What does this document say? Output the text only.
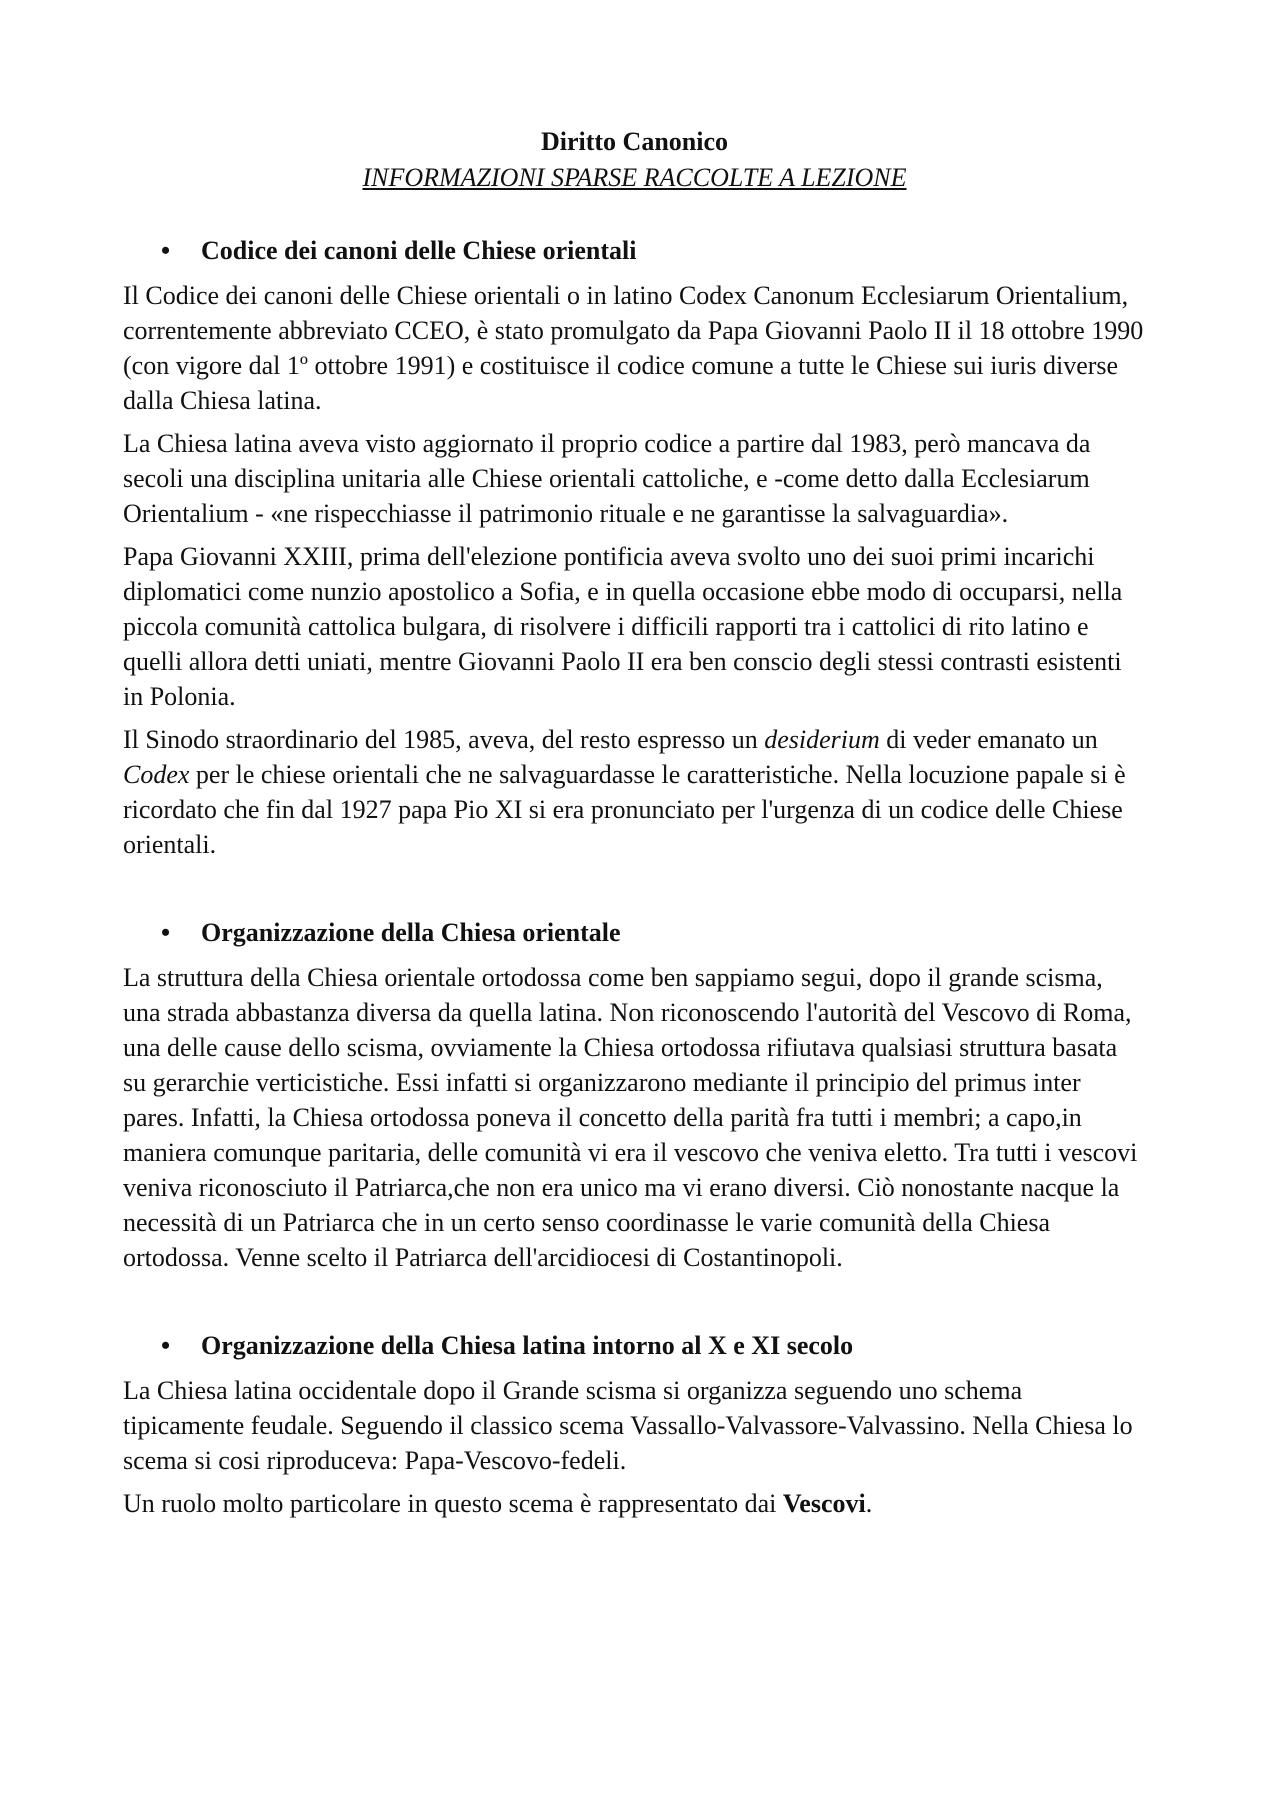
Diritto Canonico
INFORMAZIONI SPARSE RACCOLTE A LEZIONE
• Codice dei canoni delle Chiese orientali

Il Codice dei canoni delle Chiese orientali o in latino Codex Canonum Ecclesiarum Orientalium, correntemente abbreviato CCEO, è stato promulgato da Papa Giovanni Paolo II il 18 ottobre 1990 (con vigore dal 1º ottobre 1991) e costituisce il codice comune a tutte le Chiese sui iuris diverse dalla Chiesa latina.

La Chiesa latina aveva visto aggiornato il proprio codice a partire dal 1983, però mancava da secoli una disciplina unitaria alle Chiese orientali cattoliche, e -come detto dalla Ecclesiarum Orientalium - «ne rispecchiasse il patrimonio rituale e ne garantisse la salvaguardia».

Papa Giovanni XXIII, prima dell'elezione pontificia aveva svolto uno dei suoi primi incarichi diplomatici come nunzio apostolico a Sofia, e in quella occasione ebbe modo di occuparsi, nella piccola comunità cattolica bulgara, di risolvere i difficili rapporti tra i cattolici di rito latino e quelli allora detti uniati, mentre Giovanni Paolo II era ben conscio degli stessi contrasti esistenti in Polonia.

Il Sinodo straordinario del 1985, aveva, del resto espresso un desiderium di veder emanato un Codex per le chiese orientali che ne salvaguardasse le caratteristiche. Nella locuzione papale si è ricordato che fin dal 1927 papa Pio XI si era pronunciato per l'urgenza di un codice delle Chiese orientali.

• Organizzazione della Chiesa orientale

La struttura della Chiesa orientale ortodossa come ben sappiamo segui, dopo il grande scisma, una strada abbastanza diversa da quella latina. Non riconoscendo l'autorità del Vescovo di Roma, una delle cause dello scisma, ovviamente la Chiesa ortodossa rifiutava qualsiasi struttura basata su gerarchie verticistiche. Essi infatti si organizzarono mediante il principio del primus inter pares. Infatti, la Chiesa ortodossa poneva il concetto della parità fra tutti i membri; a capo,in maniera comunque paritaria, delle comunità vi era il vescovo che veniva eletto. Tra tutti i vescovi veniva riconosciuto il Patriarca,che non era unico ma vi erano diversi. Ciò nonostante nacque la necessità di un Patriarca che in un certo senso coordinasse le varie comunità della Chiesa ortodossa. Venne scelto il Patriarca dell'arcidiocesi di Costantinopoli.

• Organizzazione della Chiesa latina intorno al X e XI secolo

La Chiesa latina occidentale dopo il Grande scisma si organizza seguendo uno schema tipicamente feudale. Seguendo il classico scema Vassallo-Valvassore-Valvassino. Nella Chiesa lo scema si cosi riproduceva: Papa-Vescovo-fedeli.

Un ruolo molto particolare in questo scema è rappresentato dai Vescovi.
